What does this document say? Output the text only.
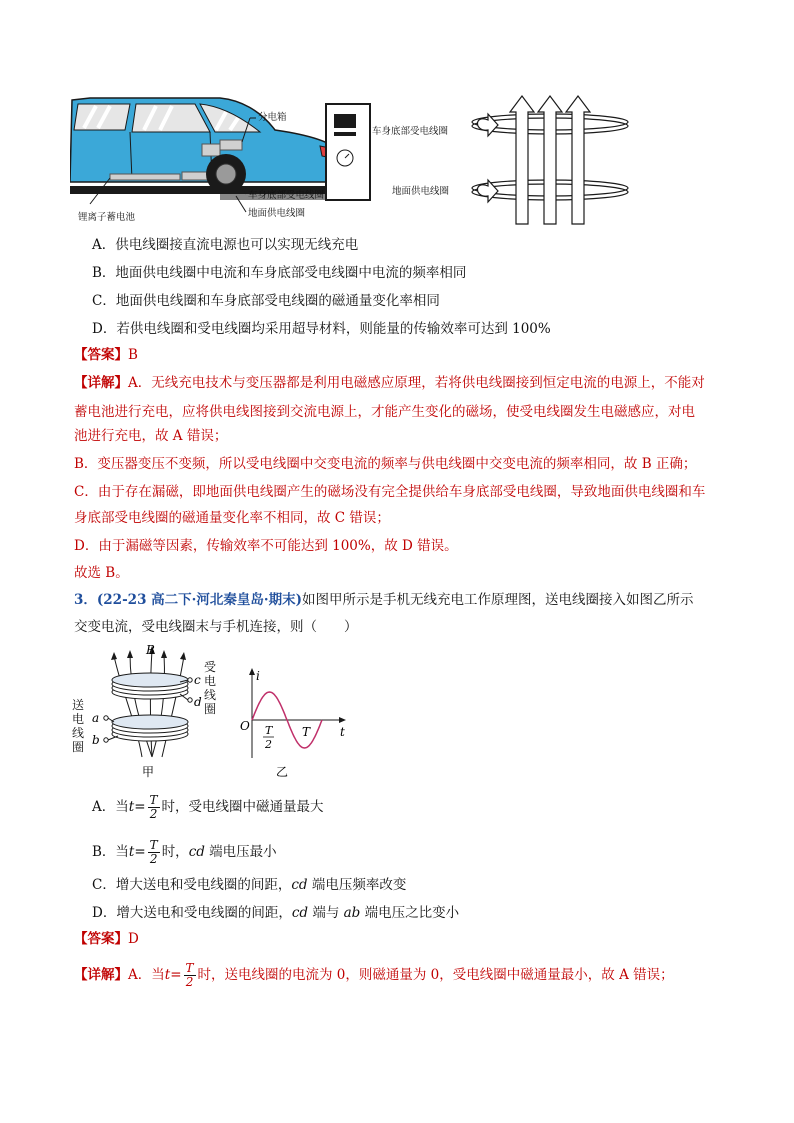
分电箱
锂离子蓄电池
车身底部受电线圈
地面供电线圈
车身底部受电线圈
地面供电线圈
A．供电线圈接直流电源也可以实现无线充电
B．地面供电线圈中电流和车身底部受电线圈中电流的频率相同
C．地面供电线圈和车身底部受电线圈的磁通量变化率相同
D．若供电线圈和受电线圈均采用超导材料，则能量的传输效率可达到 100%
【答案】B
【详解】A．无线充电技术与变压器都是利用电磁感应原理，若将供电线圈接到恒定电流的电源上，不能对
蓄电池进行充电，应将供电线图接到交流电源上，才能产生变化的磁场，使受电线圈发生电磁感应，对电
池进行充电，故 A 错误；
B．变压器变压不变频，所以受电线圈中交变电流的频率与供电线圈中交变电流的频率相同，故 B 正确；
C．由于存在漏磁，即地面供电线圈产生的磁场没有完全提供给车身底部受电线圈，导致地面供电线圈和车
身底部受电线圈的磁通量变化率不相同，故 C 错误；
D．由于漏磁等因素，传输效率不可能达到 100%，故 D 错误。
故选 B。
3．(22-23 高二下·河北秦皇岛·期末)如图甲所示是手机无线充电工作原理图，送电线圈接入如图乙所示
交变电流，受电线圈末与手机连接，则（　　）
B
c
d
a
b
甲
受电线圈
送电线圈
i
O	t
T
T
2
乙
A．当$t= \frac{T}{2}$ 时，受电线圈中磁通量最大
B．当$t= \frac{T}{2}$ 时，cd 端电压最小
C．增大送电和受电线圈的间距，cd 端电压频率改变
D．增大送电和受电线圈的间距，cd 端与 ab 端电压之比变小
【答案】D
【详解】A．当$t= \frac{T}{2}$ 时，送电线圈的电流为 0，则磁通量为 0，受电线圈中磁通量最小，故 A 错误；
